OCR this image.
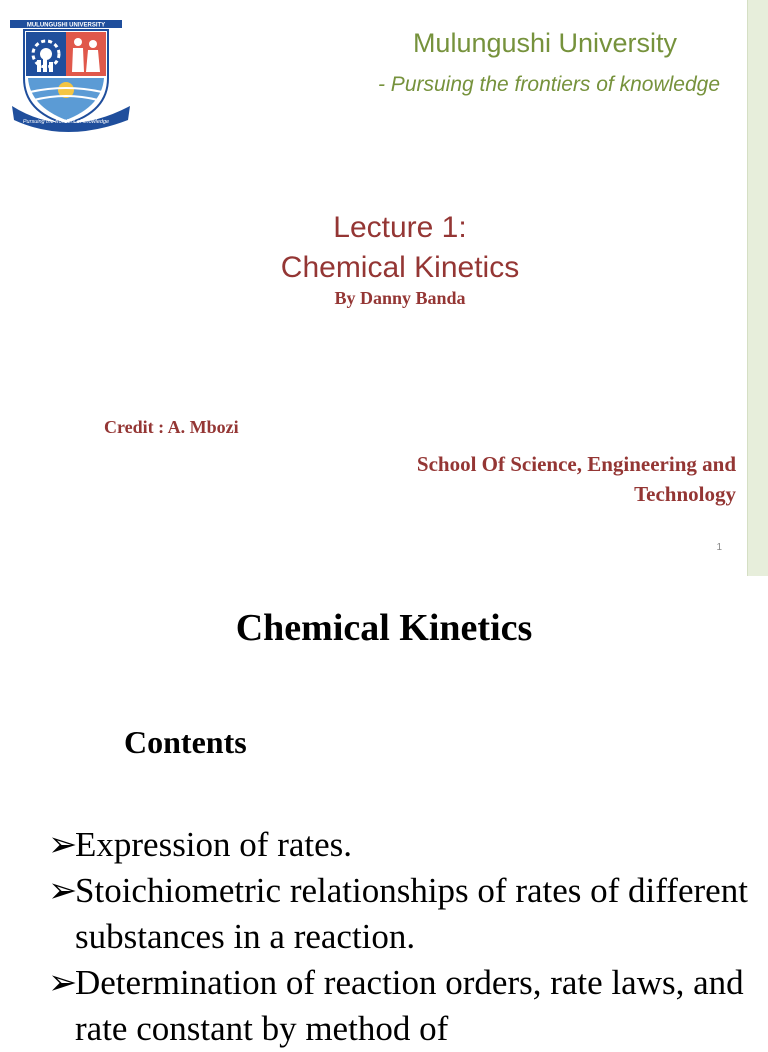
MULUNGUSHI UNIVERSITY
Pursuing the frontiers of knowledge
Mulungushi University
- Pursuing the frontiers of knowledge
Lecture 1:
Chemical Kinetics
By Danny Banda
Credit : A. Mbozi
School Of Science, Engineering and Technology
1
Chemical Kinetics
Contents
➢
Expression of rates.
➢
Stoichiometric relationships of rates of different substances in a reaction.
➢
Determination of reaction orders, rate laws, and rate constant by method of
